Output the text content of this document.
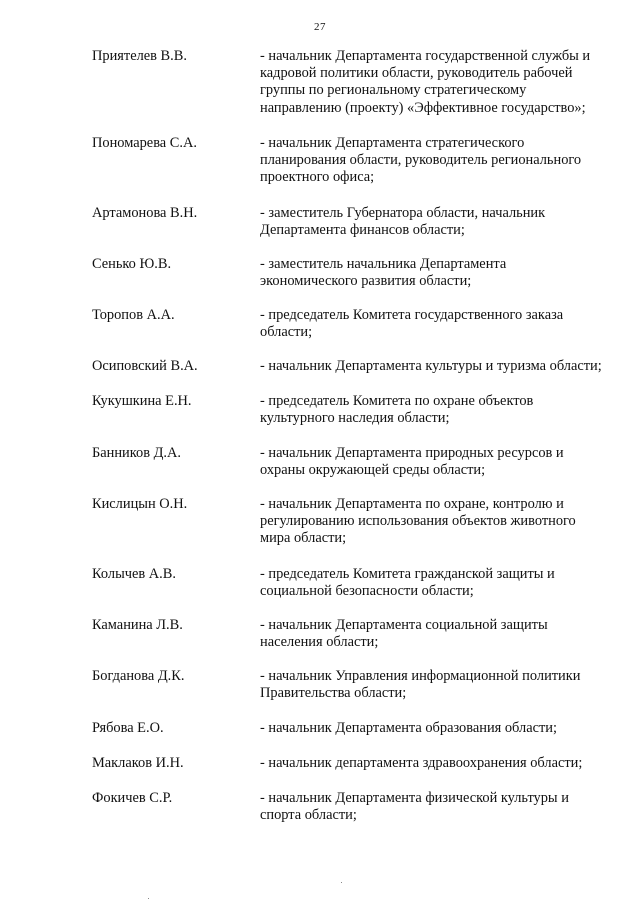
27
Приятелев В.В.	- начальник Департамента государственной службы и
кадровой политики области, руководитель рабочей
группы по региональному стратегическому
направлению (проекту) «Эффективное государство»;
Пономарева С.А.	- начальник Департамента стратегического
планирования области, руководитель регионального
проектного офиса;
Артамонова В.Н.	- заместитель Губернатора области, начальник
Департамента финансов области;
Сенько Ю.В.	- заместитель начальника Департамента
экономического развития области;
Торопов А.А.	- председатель Комитета государственного заказа
области;
Осиповский В.А.	- начальник Департамента культуры и туризма области;
Кукушкина Е.Н.	- председатель Комитета по охране объектов
культурного наследия области;
Банников Д.А.	- начальник Департамента природных ресурсов и
охраны окружающей среды области;
Кислицын О.Н.	- начальник Департамента по охране, контролю и
регулированию использования объектов животного
мира области;
Колычев А.В.	- председатель Комитета гражданской защиты и
социальной безопасности области;
Каманина Л.В.	- начальник Департамента социальной защиты
населения области;
Богданова Д.К.	- начальник Управления информационной политики
Правительства области;
Рябова Е.О.	- начальник Департамента образования области;
Маклаков И.Н.	- начальник департамента здравоохранения области;
Фокичев С.Р.	- начальник Департамента физической культуры и
спорта области;
